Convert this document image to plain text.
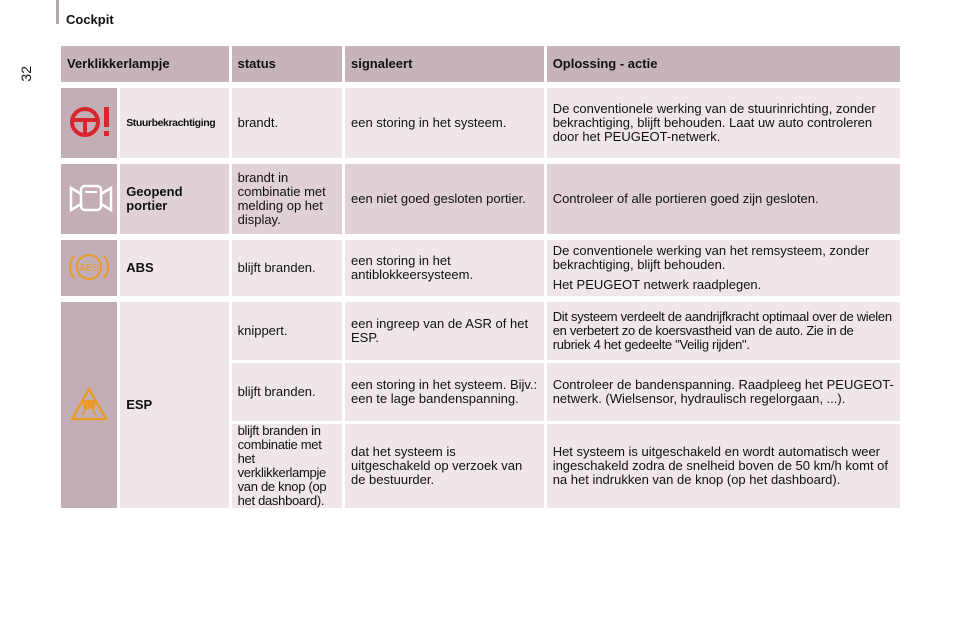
32
Cockpit
Verklikkerlampje		status	signaleert	Oplossing - actie

	Stuurbekrachtiging	brandt.	een storing in het systeem.	De conventionele werking van de stuurinrichting, zonder bekrachtiging, blijft behouden. Laat uw auto controleren door het PEUGEOT-netwerk.

	Geopend portier	brandt in combinatie met melding op het display.	een niet goed gesloten portier.	Controleer of alle portieren goed zijn gesloten.

ABS	ABS	blijft branden.	een storing in het antiblokkeersysteem.	De conventionele werking van het remsysteem, zonder bekrachtiging, blijft behouden.
Het PEUGEOT netwerk raadplegen.

	ESP	knippert.	een ingreep van de ASR of het ESP.	Dit systeem verdeelt de aandrijfkracht optimaal over de wielen en verbetert zo de koersvastheid van de auto. Zie in de rubriek 4 het gedeelte "Veilig rijden".

		blijft branden.	een storing in het systeem. Bijv.: een te lage bandenspanning.	Controleer de bandenspanning. Raadpleeg het PEUGEOT-netwerk. (Wielsensor, hydraulisch regelorgaan, ...).

		blijft branden in combinatie met het verklikkerlampje van de knop (op het dashboard).	dat het systeem is uitgeschakeld op verzoek van de bestuurder.	Het systeem is uitgeschakeld en wordt automatisch weer ingeschakeld zodra de snelheid boven de 50 km/h komt of na het indrukken van de knop (op het dashboard).
